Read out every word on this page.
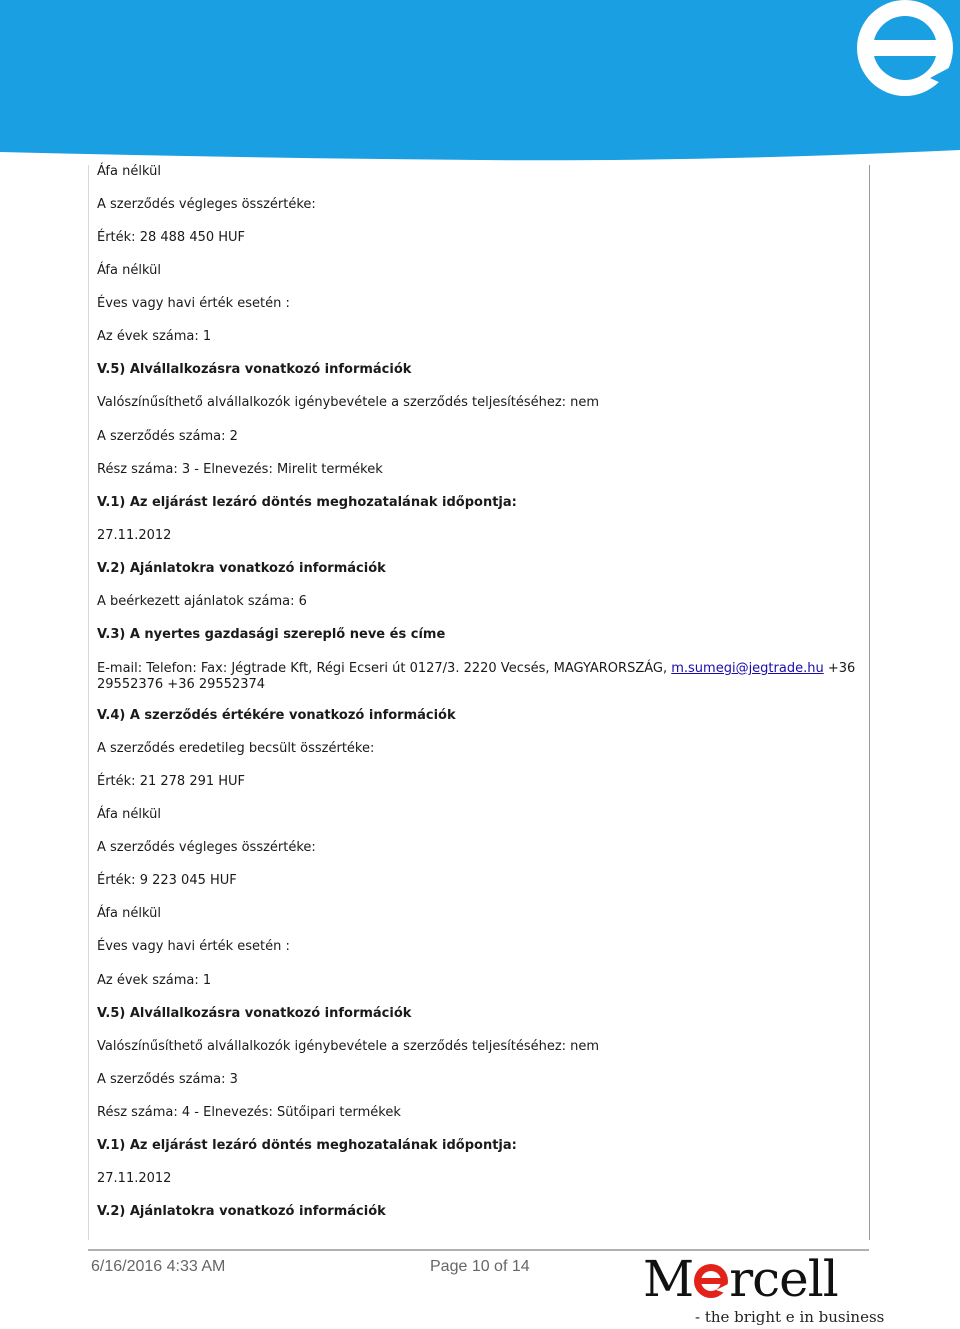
Áfa nélkül
A szerződés végleges összértéke:
Érték: 28 488 450 HUF
Áfa nélkül
Éves vagy havi érték esetén :
Az évek száma: 1
V.5) Alvállalkozásra vonatkozó információk
Valószínűsíthető alvállalkozók igénybevétele a szerződés teljesítéséhez: nem
A szerződés száma: 2
Rész száma: 3 - Elnevezés: Mirelit termékek
V.1) Az eljárást lezáró döntés meghozatalának időpontja:
27.11.2012
V.2) Ajánlatokra vonatkozó információk
A beérkezett ajánlatok száma: 6
V.3) A nyertes gazdasági szereplő neve és címe
E-mail: Telefon: Fax: Jégtrade Kft, Régi Ecseri út 0127/3. 2220 Vecsés, MAGYARORSZÁG, m.sumegi@jegtrade.hu +36 29552376 +36 29552374
V.4) A szerződés értékére vonatkozó információk
A szerződés eredetileg becsült összértéke:
Érték: 21 278 291 HUF
Áfa nélkül
A szerződés végleges összértéke:
Érték: 9 223 045 HUF
Áfa nélkül
Éves vagy havi érték esetén :
Az évek száma: 1
V.5) Alvállalkozásra vonatkozó információk
Valószínűsíthető alvállalkozók igénybevétele a szerződés teljesítéséhez: nem
A szerződés száma: 3
Rész száma: 4 - Elnevezés: Sütőipari termékek
V.1) Az eljárást lezáró döntés meghozatalának időpontja:
27.11.2012
V.2) Ajánlatokra vonatkozó információk
6/16/2016 4:33 AM	Page 10 of 14 M rcell
- the bright e in business
